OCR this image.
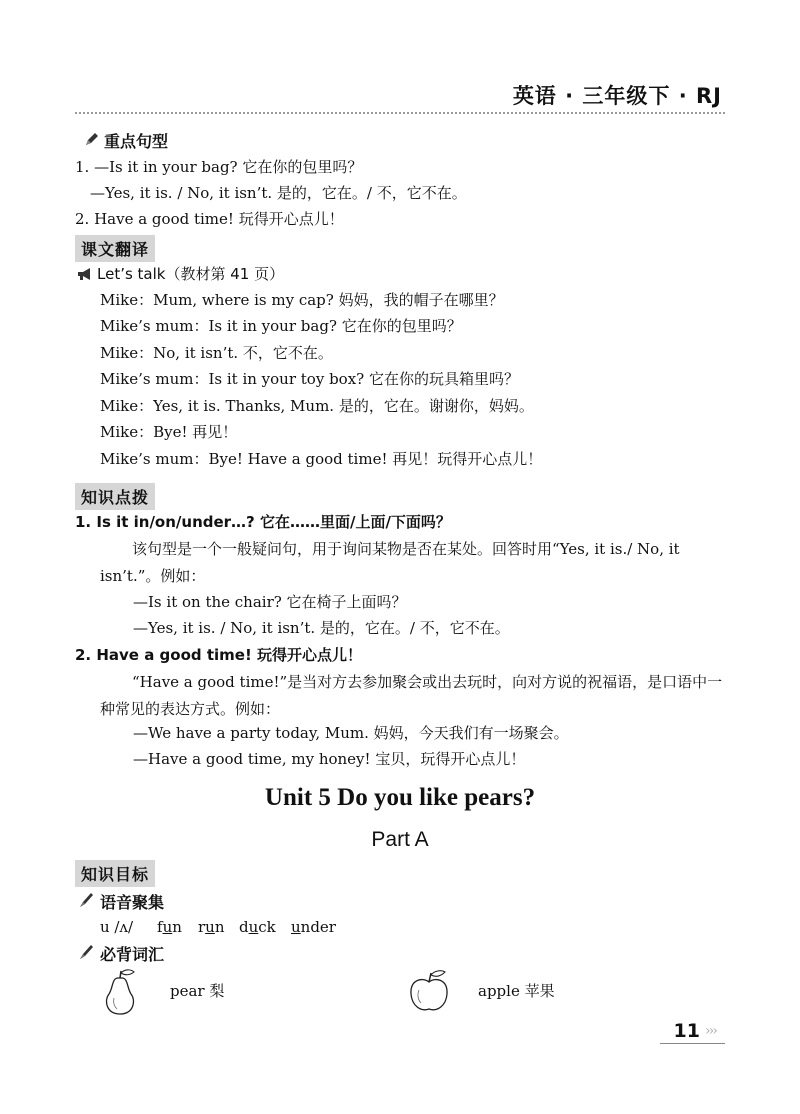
英语 · 三年级下 · RJ
重点句型
1. —Is it in your bag? 它在你的包里吗？
—Yes, it is. / No, it isn’t. 是的，它在。/ 不，它不在。
2. Have a good time! 玩得开心点儿！
课文翻译
Let’s talk（教材第 41 页）
Mike：Mum, where is my cap? 妈妈，我的帽子在哪里？
Mike’s mum：Is it in your bag? 它在你的包里吗？
Mike：No, it isn’t. 不，它不在。
Mike’s mum：Is it in your toy box? 它在你的玩具箱里吗？
Mike：Yes, it is. Thanks, Mum. 是的，它在。谢谢你，妈妈。
Mike：Bye! 再见！
Mike’s mum：Bye! Have a good time! 再见！玩得开心点儿！
知识点拨
1. Is it in/on/under…? 它在……里面/上面/下面吗？
该句型是一个一般疑问句，用于询问某物是否在某处。回答时用“Yes, it is./ No, it isn’t.”。例如：
—Is it on the chair? 它在椅子上面吗？
—Yes, it is. / No, it isn’t. 是的，它在。/ 不，它不在。
2. Have a good time! 玩得开心点儿！
“Have a good time!”是当对方去参加聚会或出去玩时，向对方说的祝福语，是口语中一种常见的表达方式。例如：
—We have a party today, Mum. 妈妈，今天我们有一场聚会。
—Have a good time, my honey! 宝贝，玩得开心点儿！
Unit 5 Do you like pears?
Part A
知识目标
语音聚集
u /ʌ/ fun run duck under
必背词汇
pear 梨	apple 苹果
11 ›››
